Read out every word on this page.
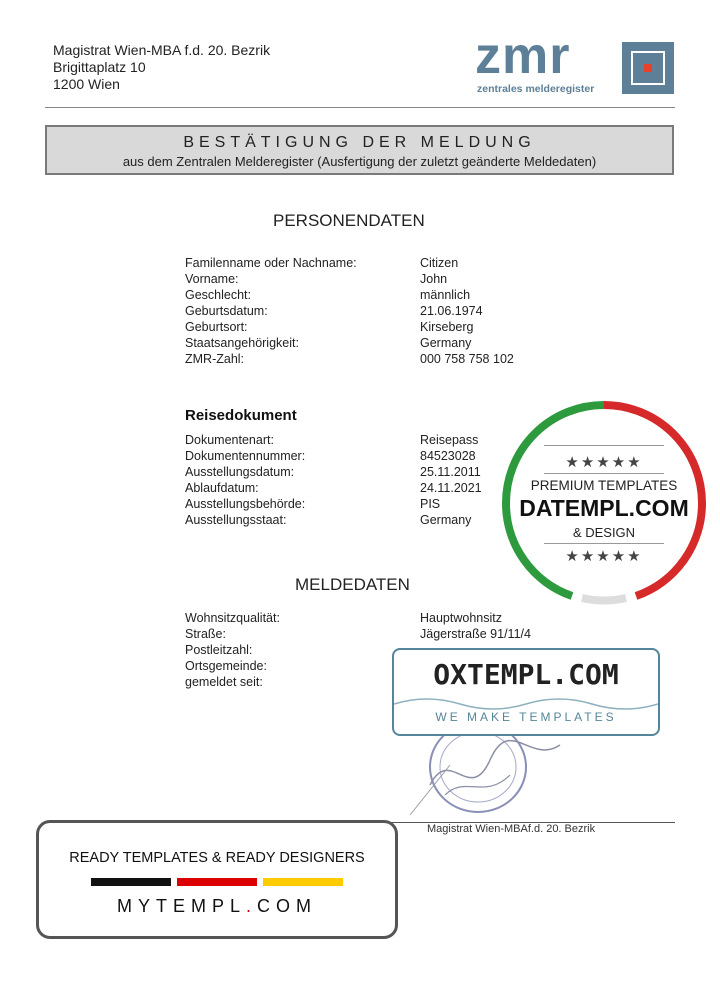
Magistrat Wien-MBA f.d. 20. Bezrik
Brigittaplatz 10
1200 Wien	zmr
zentrales melderegister
BESTÄTIGUNG DER MELDUNG
aus dem Zentralen Melderegister (Ausfertigung der zuletzt geänderte Meldedaten)
PERSONENDATEN
Familenname oder Nachname:	Citizen
Vorname:	John
Geschlecht:	männlich
Geburtsdatum:	21.06.1974
Geburtsort:	Kirseberg
Staatsangehörigkeit:	Germany
ZMR-Zahl:	000 758 758 102
Reisedokument
Dokumentenart:	Reisepass
Dokumentennummer:	84523028
Ausstellungsdatum:	25.11.2011
Ablaufdatum:	24.11.2021
Ausstellungsbehörde:	PIS
Ausstellungsstaat:	Germany
MELDEDATEN
Wohnsitzqualität:	Hauptwohnsitz
Straße:	Jägerstraße 91/11/4
Postleitzahl:
Ortsgemeinde:
gemeldet seit:
Magistrat Wien-MBAf.d. 20. Bezrik
★★★★★
PREMIUM TEMPLATES
DATEMPL.COM
& DESIGN
★★★★★
OXTEMPL.COM
WE MAKE TEMPLATES
READY TEMPLATES & READY DESIGNERS
MYTEMPL.COM
